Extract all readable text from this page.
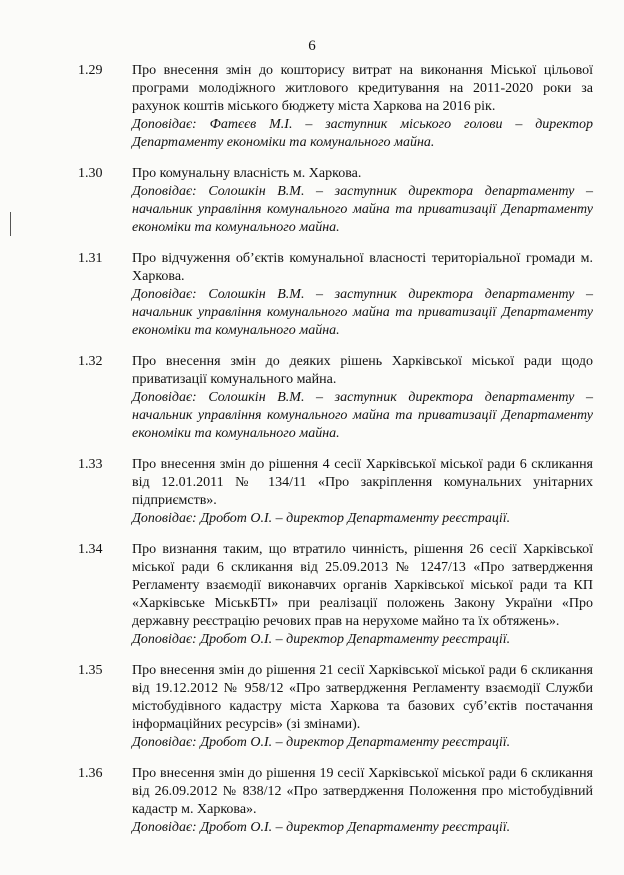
6
1.29	Про внесення змін до кошторису витрат на виконання Міської цільової програми молодіжного житлового кредитування на 2011-2020 роки за рахунок коштів міського бюджету міста Харкова на 2016 рік.
Доповідає: Фатєєв М.І. – заступник міського голови – директор Департаменту економіки та комунального майна.
1.30	Про комунальну власність м. Харкова.
Доповідає: Солошкін В.М. – заступник директора департаменту – начальник управління комунального майна та приватизації Департаменту економіки та комунального майна.
1.31	Про відчуження об’єктів комунальної власності територіальної громади м. Харкова.
Доповідає: Солошкін В.М. – заступник директора департаменту – начальник управління комунального майна та приватизації Департаменту економіки та комунального майна.
1.32	Про внесення змін до деяких рішень Харківської міської ради щодо приватизації комунального майна.
Доповідає: Солошкін В.М. – заступник директора департаменту – начальник управління комунального майна та приватизації Департаменту економіки та комунального майна.
1.33	Про внесення змін до рішення 4 сесії Харківської міської ради 6 скликання від 12.01.2011 № 134/11 «Про закріплення комунальних унітарних підприємств».
Доповідає: Дробот О.І. – директор Департаменту реєстрації.
1.34	Про визнання таким, що втратило чинність, рішення 26 сесії Харківської міської ради 6 скликання від 25.09.2013 № 1247/13 «Про затвердження Регламенту взаємодії виконавчих органів Харківської міської ради та КП «Харківське МіськБТІ» при реалізації положень Закону України «Про державну реєстрацію речових прав на нерухоме майно та їх обтяжень».
Доповідає: Дробот О.І. – директор Департаменту реєстрації.
1.35	Про внесення змін до рішення 21 сесії Харківської міської ради 6 скликання від 19.12.2012 № 958/12 «Про затвердження Регламенту взаємодії Служби містобудівного кадастру міста Харкова та базових суб’єктів постачання інформаційних ресурсів» (зі змінами).
Доповідає: Дробот О.І. – директор Департаменту реєстрації.
1.36	Про внесення змін до рішення 19 сесії Харківської міської ради 6 скликання від 26.09.2012 № 838/12 «Про затвердження Положення про містобудівний кадастр м. Харкова».
Доповідає: Дробот О.І. – директор Департаменту реєстрації.
